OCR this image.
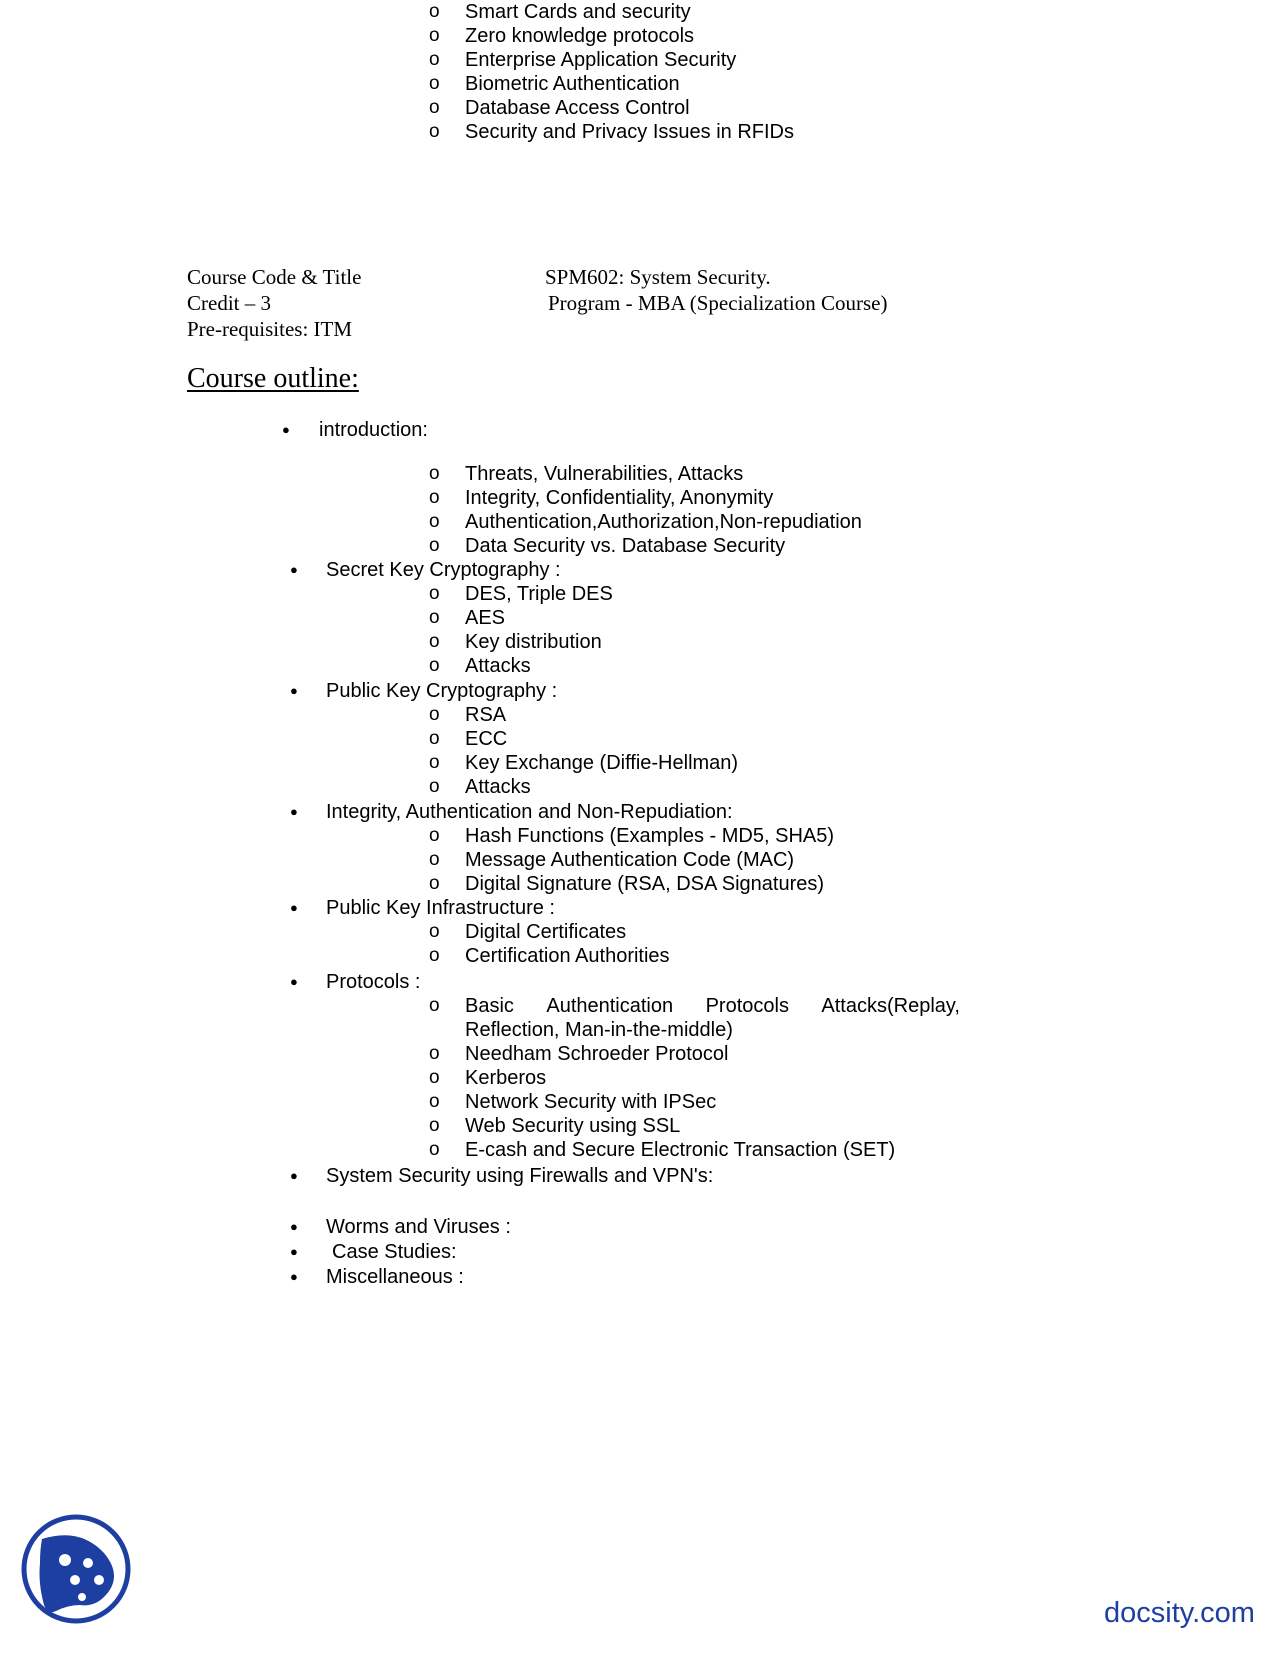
Course Code & Title	SPM602: System Security.
Credit – 3	Program - MBA (Specialization Course)
Pre-requisites: ITM
Course outline:
● introduction:
o Threats, Vulnerabilities, Attacks
o Integrity, Confidentiality, Anonymity
o Authentication,Authorization,Non-repudiation
o Data Security vs. Database Security
● Secret Key Cryptography :
o DES, Triple DES
o AES
o Key distribution
o Attacks
● Public Key Cryptography :
o RSA
o ECC
o Key Exchange (Diffie-Hellman)
o Attacks
● Integrity, Authentication and Non-Repudiation:
o Hash Functions (Examples - MD5, SHA5)
o Message Authentication Code (MAC)
o Digital Signature (RSA, DSA Signatures)
● Public Key Infrastructure :
o Digital Certificates
o Certification Authorities
● Protocols :
o Basic Authentication Protocols Attacks(Replay,
Reflection, Man-in-the-middle)
o Needham Schroeder Protocol
o Kerberos
o Network Security with IPSec
o Web Security using SSL
o E-cash and Secure Electronic Transaction (SET)
● System Security using Firewalls and VPN's:
● Worms and Viruses :
● Case Studies:
● Miscellaneous :
o Smart Cards and security
o Zero knowledge protocols
o Enterprise Application Security
o Biometric Authentication
o Database Access Control
o Security and Privacy Issues in RFIDs
docsity.com
